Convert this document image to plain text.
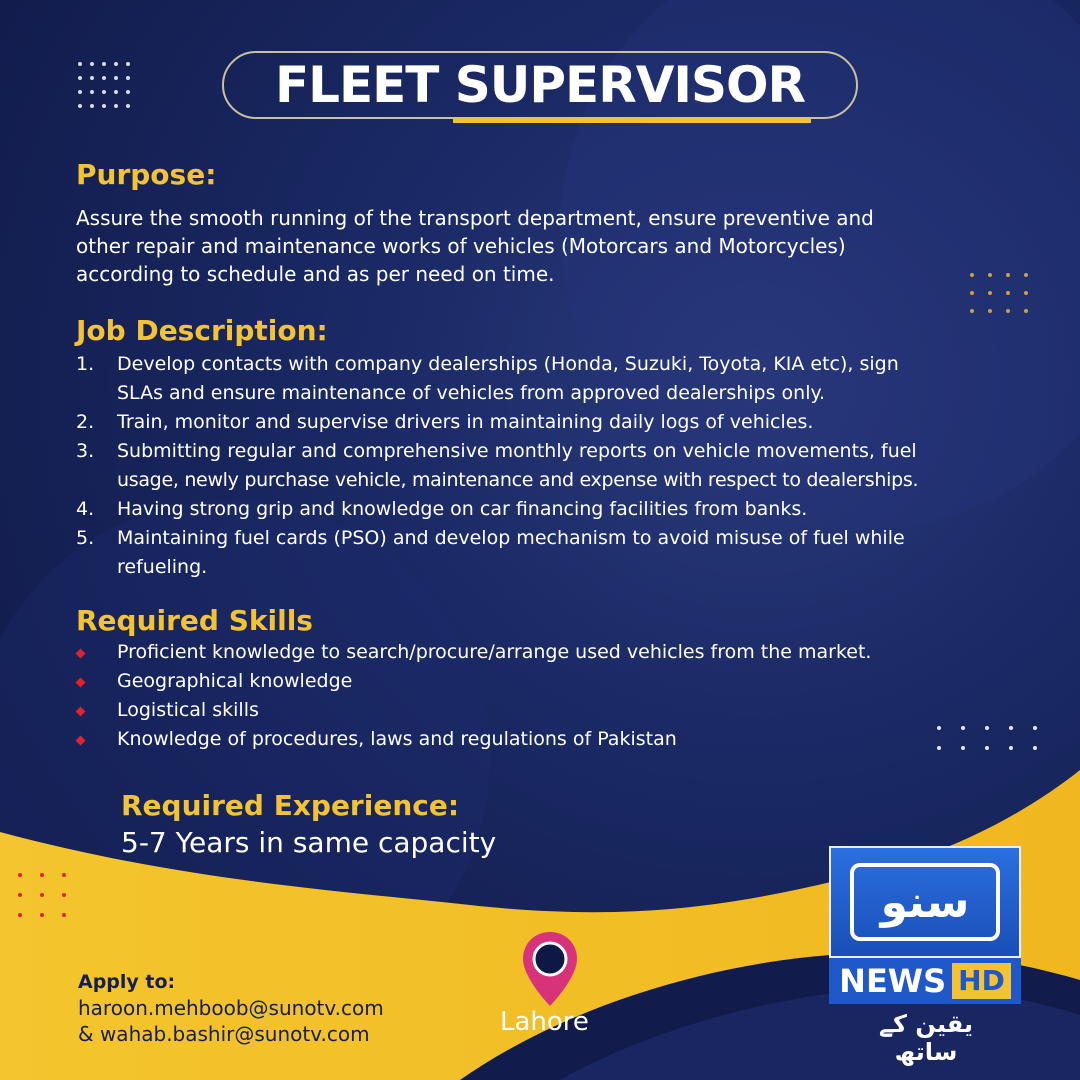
FLEET SUPERVISOR
Purpose:
Assure the smooth running of the transport department, ensure preventive and
other repair and maintenance works of vehicles (Motorcars and Motorcycles)
according to schedule and as per need on time.
Job Description:
1. Develop contacts with company dealerships (Honda, Suzuki, Toyota, KIA etc), sign
SLAs and ensure maintenance of vehicles from approved dealerships only.
2. Train, monitor and supervise drivers in maintaining daily logs of vehicles.
3. Submitting regular and comprehensive monthly reports on vehicle movements, fuel
usage, newly purchase vehicle, maintenance and expense with respect to dealerships.
4. Having strong grip and knowledge on car financing facilities from banks.
5. Maintaining fuel cards (PSO) and develop mechanism to avoid misuse of fuel while
refueling.
Required Skills
Proficient knowledge to search/procure/arrange used vehicles from the market.
Geographical knowledge
Logistical skills
Knowledge of procedures, laws and regulations of Pakistan
Required Experience:
5-7 Years in same capacity
Apply to:
haroon.mehboob@sunotv.com
& wahab.bashir@sunotv.com	Lahore
سنو
NEWS HD
یقین کے ساتھ
